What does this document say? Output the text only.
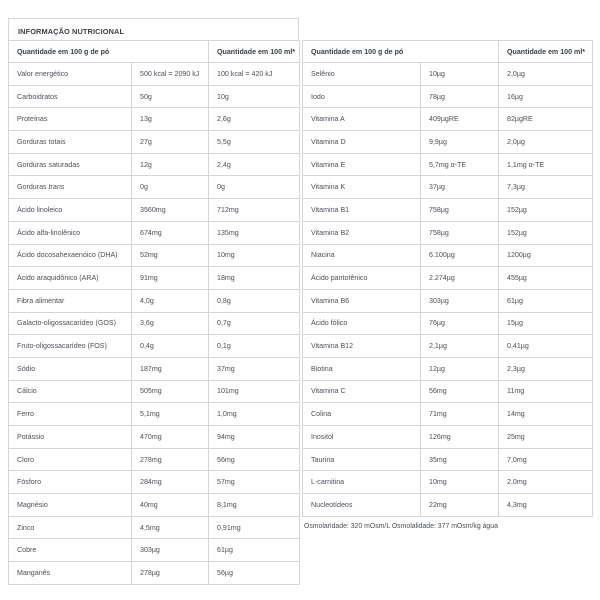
INFORMAÇÃO NUTRICIONAL
Quantidade em 100 g de pó		Quantidade em 100 ml*
Valor energético	500 kcal = 2090 kJ	100 kcal = 420 kJ
Carboidratos	50g	10g
Proteínas	13g	2,6g
Gorduras totais	27g	5,5g
Gorduras saturadas	12g	2,4g
Gorduras trans	0g	0g
Ácido linoleico	3560mg	712mg
Ácido alfa-linolênico	674mg	135mg
Ácido docosahexaenóico (DHA)	52mg	10mg
Ácido araquidônico (ARA)	91mg	18mg
Fibra alimentar	4,0g	0,8g
Galacto-oligossacarídeo (GOS)	3,6g	0,7g
Fruto-oligossacarídeo (FOS)	0,4g	0,1g
Sódio	187mg	37mg
Cálcio	505mg	101mg
Ferro	5,1mg	1,0mg
Potássio	470mg	94mg
Cloro	278mg	56mg
Fósforo	284mg	57mg
Magnésio	40mg	8,1mg
Zinco	4,5mg	0,91mg
Cobre	303µg	61µg
Manganês	278µg	56µg
Quantidade em 100 g de pó		Quantidade em 100 ml*
Selênio	10µg	2,0µg
Iodo	78µg	16µg
Vitamina A	409µgRE	82µgRE
Vitamina D	9,9µg	2,0µg
Vitamina E	5,7mg α-TE	1,1mg α-TE
Vitamina K	37µg	7,3µg
Vitamina B1	758µg	152µg
Vitamina B2	758µg	152µg
Niacina	6.100µg	1200µg
Ácido pantotênico	2.274µg	455µg
Vitamina B6	303µg	61µg
Ácido fólico	76µg	15µg
Vitamina B12	2,1µg	0,41µg
Biotina	12µg	2,3µg
Vitamina C	56mg	11mg
Colina	71mg	14mg
Inositol	126mg	25mg
Taurina	35mg	7,0mg
L-carnitina	10mg	2,0mg
Nucleotídeos	22mg	4,3mg
Osmolaridade: 320 mOsm/L Osmolalidade: 377 mOsm/kg água
